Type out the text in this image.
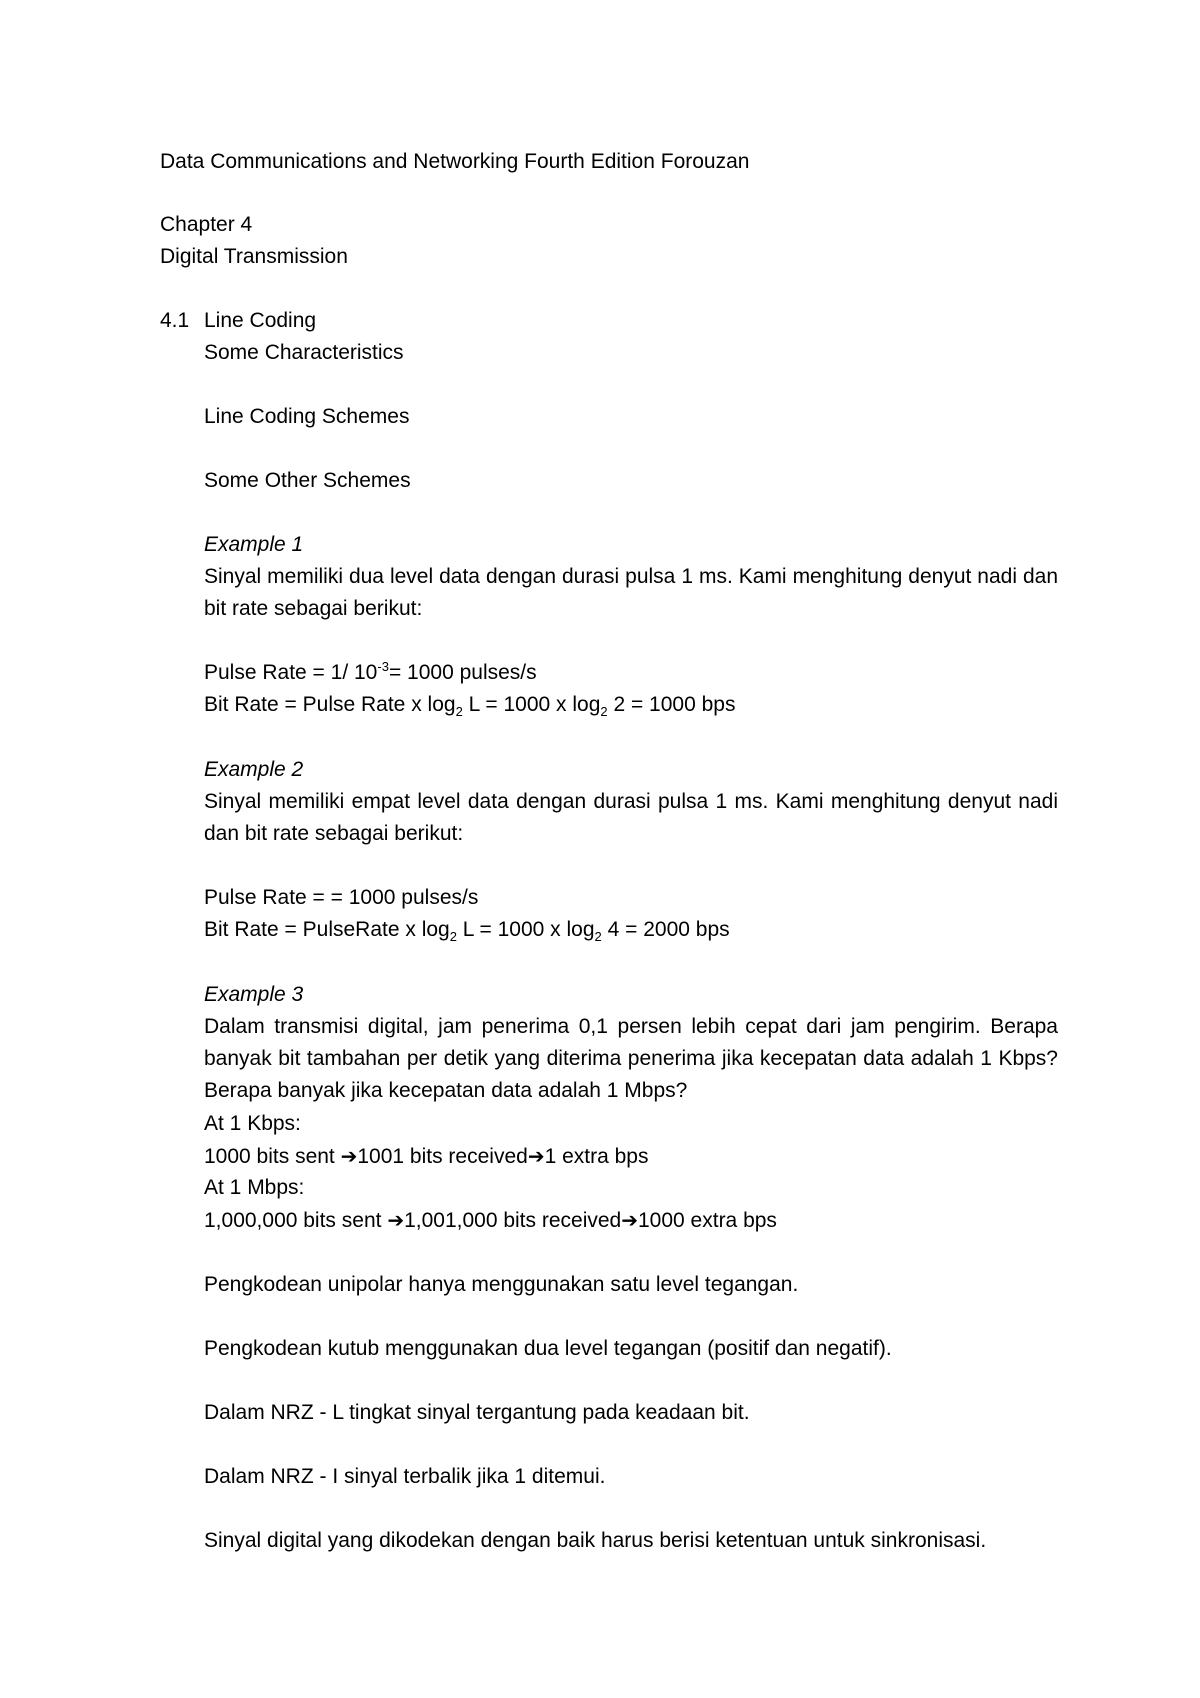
Data Communications and Networking Fourth Edition Forouzan
Chapter 4
Digital Transmission
4.1 Line Coding
Some Characteristics
Line Coding Schemes
Some Other Schemes
Example 1
Sinyal memiliki dua level data dengan durasi pulsa 1 ms. Kami menghitung denyut nadi dan bit rate sebagai berikut:
Pulse Rate = 1/ $10^{-3}= 1000$ pulses/s
Bit Rate = Pulse Rate x $\log_2 L = 1000$ x $\log_2 2 = 1000$ bps
Example 2
Sinyal memiliki empat level data dengan durasi pulsa 1 ms. Kami menghitung denyut nadi dan bit rate sebagai berikut:
Pulse Rate = = 1000 pulses/s
Bit Rate = PulseRate x $\log_2 L = 1000$ x $\log_2 4 = 2000$ bps
Example 3
Dalam transmisi digital, jam penerima 0,1 persen lebih cepat dari jam pengirim. Berapa banyak bit tambahan per detik yang diterima penerima jika kecepatan data adalah 1 Kbps? Berapa banyak jika kecepatan data adalah 1 Mbps?
At 1 Kbps:
1000 bits sent ➔1001 bits received➔1 extra bps
At 1 Mbps:
1,000,000 bits sent ➔1,001,000 bits received➔1000 extra bps
Pengkodean unipolar hanya menggunakan satu level tegangan.
Pengkodean kutub menggunakan dua level tegangan (positif dan negatif).
Dalam NRZ - L tingkat sinyal tergantung pada keadaan bit.
Dalam NRZ - I sinyal terbalik jika 1 ditemui.
Sinyal digital yang dikodekan dengan baik harus berisi ketentuan untuk sinkronisasi.
